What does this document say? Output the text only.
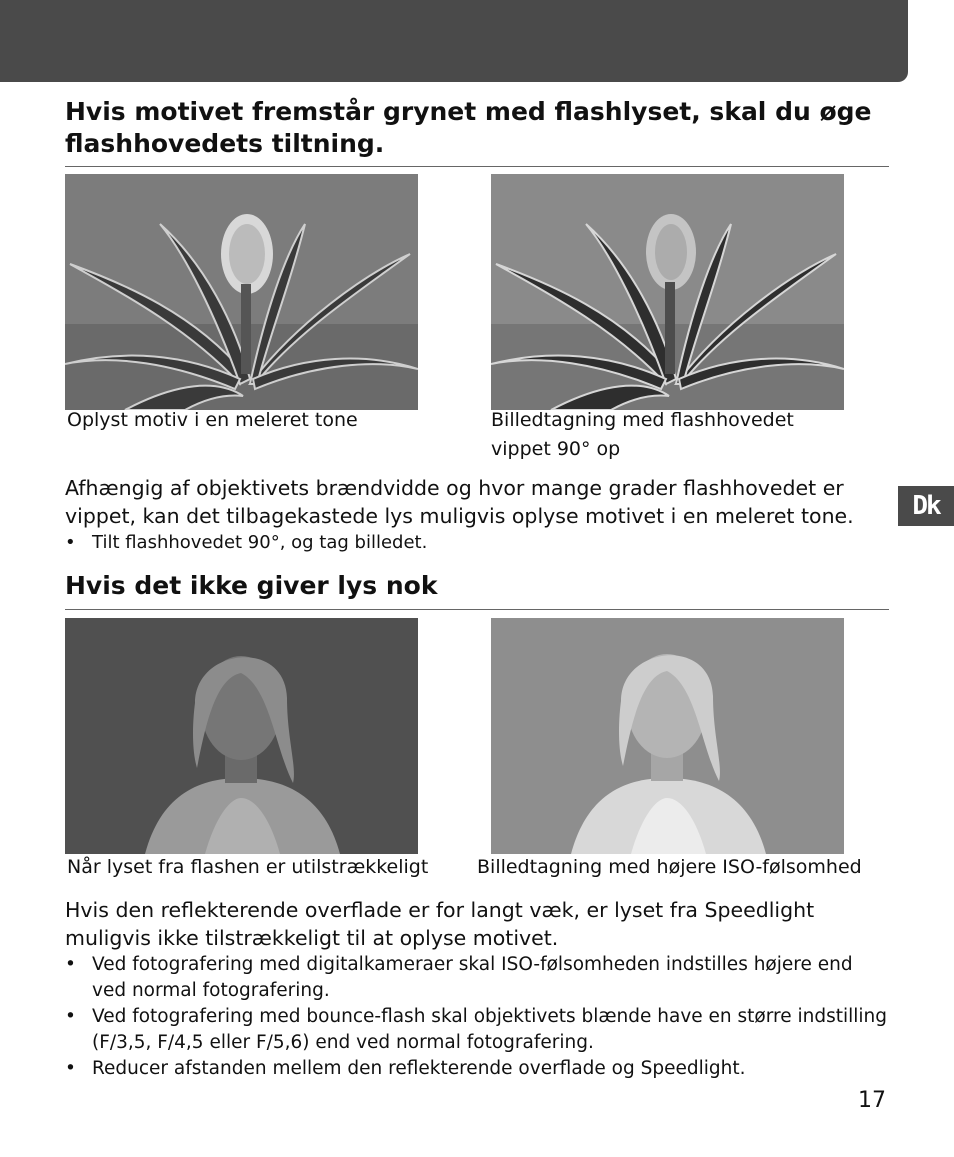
Dk
Hvis motivet fremstår grynet med flashlyset, skal du øge flashhovedets tiltning.
Oplyst motiv i en meleret tone	Billedtagning med flashhovedet vippet 90° op

Afhængig af objektivets brændvidde og hvor mange grader flashhovedet er vippet, kan det tilbagekastede lys muligvis oplyse motivet i en meleret tone.

• Tilt flashhovedet 90°, og tag billedet.
Hvis det ikke giver lys nok
Når lyset fra flashen er utilstrækkeligt	Billedtagning med højere ISO-følsomhed

Hvis den reflekterende overflade er for langt væk, er lyset fra Speedlight muligvis ikke tilstrækkeligt til at oplyse motivet.

• Ved fotografering med digitalkameraer skal ISO-følsomheden indstilles højere end ved normal fotografering.
• Ved fotografering med bounce-flash skal objektivets blænde have en større indstilling (F/3,5, F/4,5 eller F/5,6) end ved normal fotografering.
• Reducer afstanden mellem den reflekterende overflade og Speedlight.
17
